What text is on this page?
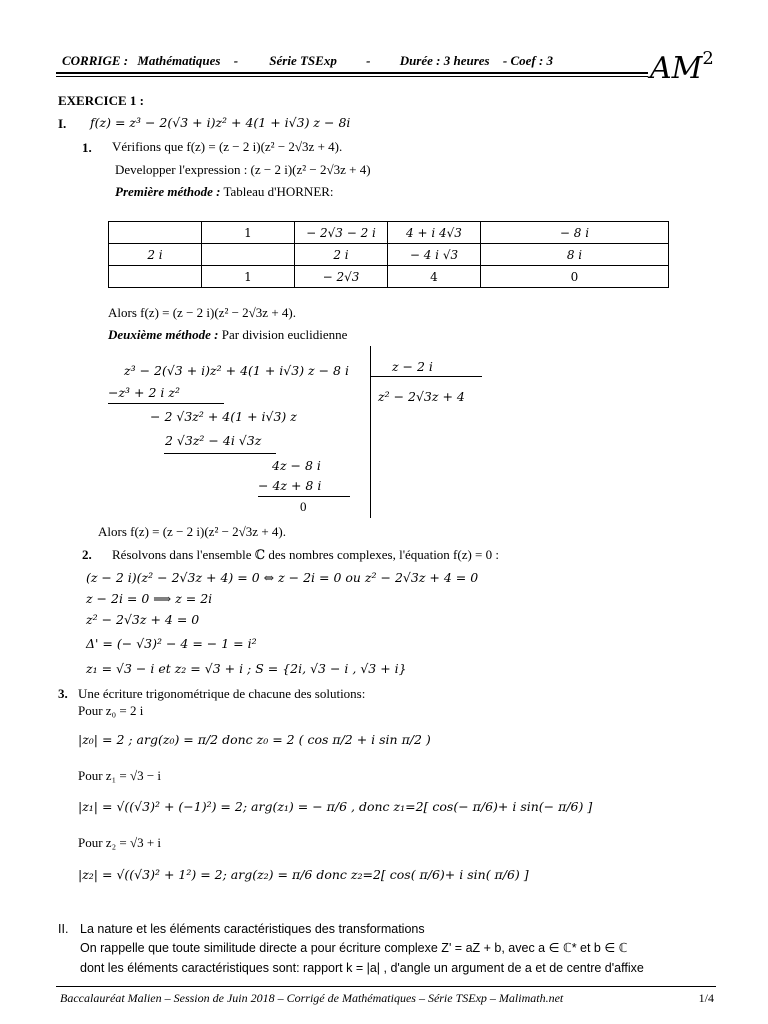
CORRIGE : Mathématiques - Série TSExp - Durée : 3 heures - Coef : 3	$AM^2$
EXERCICE 1 :
I. f(z) = z³ − 2(√3 + i)z² + 4(1 + i√3) z − 8i
1. Vérifions que f(z) = (z − 2 i)(z² − 2√3z + 4).
Developper l'expression : (z − 2 i)(z² − 2√3z + 4)
Première méthode : Tableau d'HORNER:
	1	− 2√3 − 2 i	4 + i 4√3	− 8 i
2 i		2 i	− 4 i √3	8 i
	1	− 2√3	4	0
Alors f(z) = (z − 2 i)(z² − 2√3z + 4).
Deuxième méthode : Par division euclidienne
z³ − 2(√3 + i)z² + 4(1 + i√3) z − 8 i	z − 2 i
z² − 2√3z + 4
−z³ + 2 i z²
− 2 √3z² + 4(1 + i√3) z
2 √3z² − 4i √3z
4z − 8 i
− 4z + 8 i
0
Alors f(z) = (z − 2 i)(z² − 2√3z + 4).
2. Résolvons dans l'ensemble ℂ des nombres complexes, l'équation f(z) = 0 :
(z − 2 i)(z² − 2√3z + 4) = 0 ⇔ z − 2i = 0 ou z² − 2√3z + 4 = 0
z − 2i = 0 ⟹ z = 2i
z² − 2√3z + 4 = 0
Δ' = (− √3)² − 4 = − 1 = i²
z₁ = √3 − i et z₂ = √3 + i ; S = {2i, √3 − i , √3 + i}
3. Une écriture trigonométrique de chacune des solutions:
Pour z₀ = 2 i
|z₀| = 2 ; arg(z₀) = π/2 donc z₀ = 2 ( cos π/2 + i sin π/2 )
Pour z₁ = √3 − i
|z₁| = √((√3)² + (−1)²) = 2; arg(z₁) = − π/6 , donc z₁=2[ cos(− π/6)+ i sin(− π/6) ]
Pour z₂ = √3 + i
|z₂| = √((√3)² + 1²) = 2; arg(z₂) = π/6 donc z₂=2[ cos( π/6)+ i sin( π/6) ]
II. La nature et les éléments caractéristiques des transformations
On rappelle que toute similitude directe a pour écriture complexe Z' = aZ + b, avec a ∈ ℂ* et b ∈ ℂ
dont les éléments caractéristiques sont: rapport k = |a| , d'angle un argument de a et de centre d'affixe
Baccalauréat Malien – Session de Juin 2018 – Corrigé de Mathématiques – Série TSExp – Malimath.net	1/4
